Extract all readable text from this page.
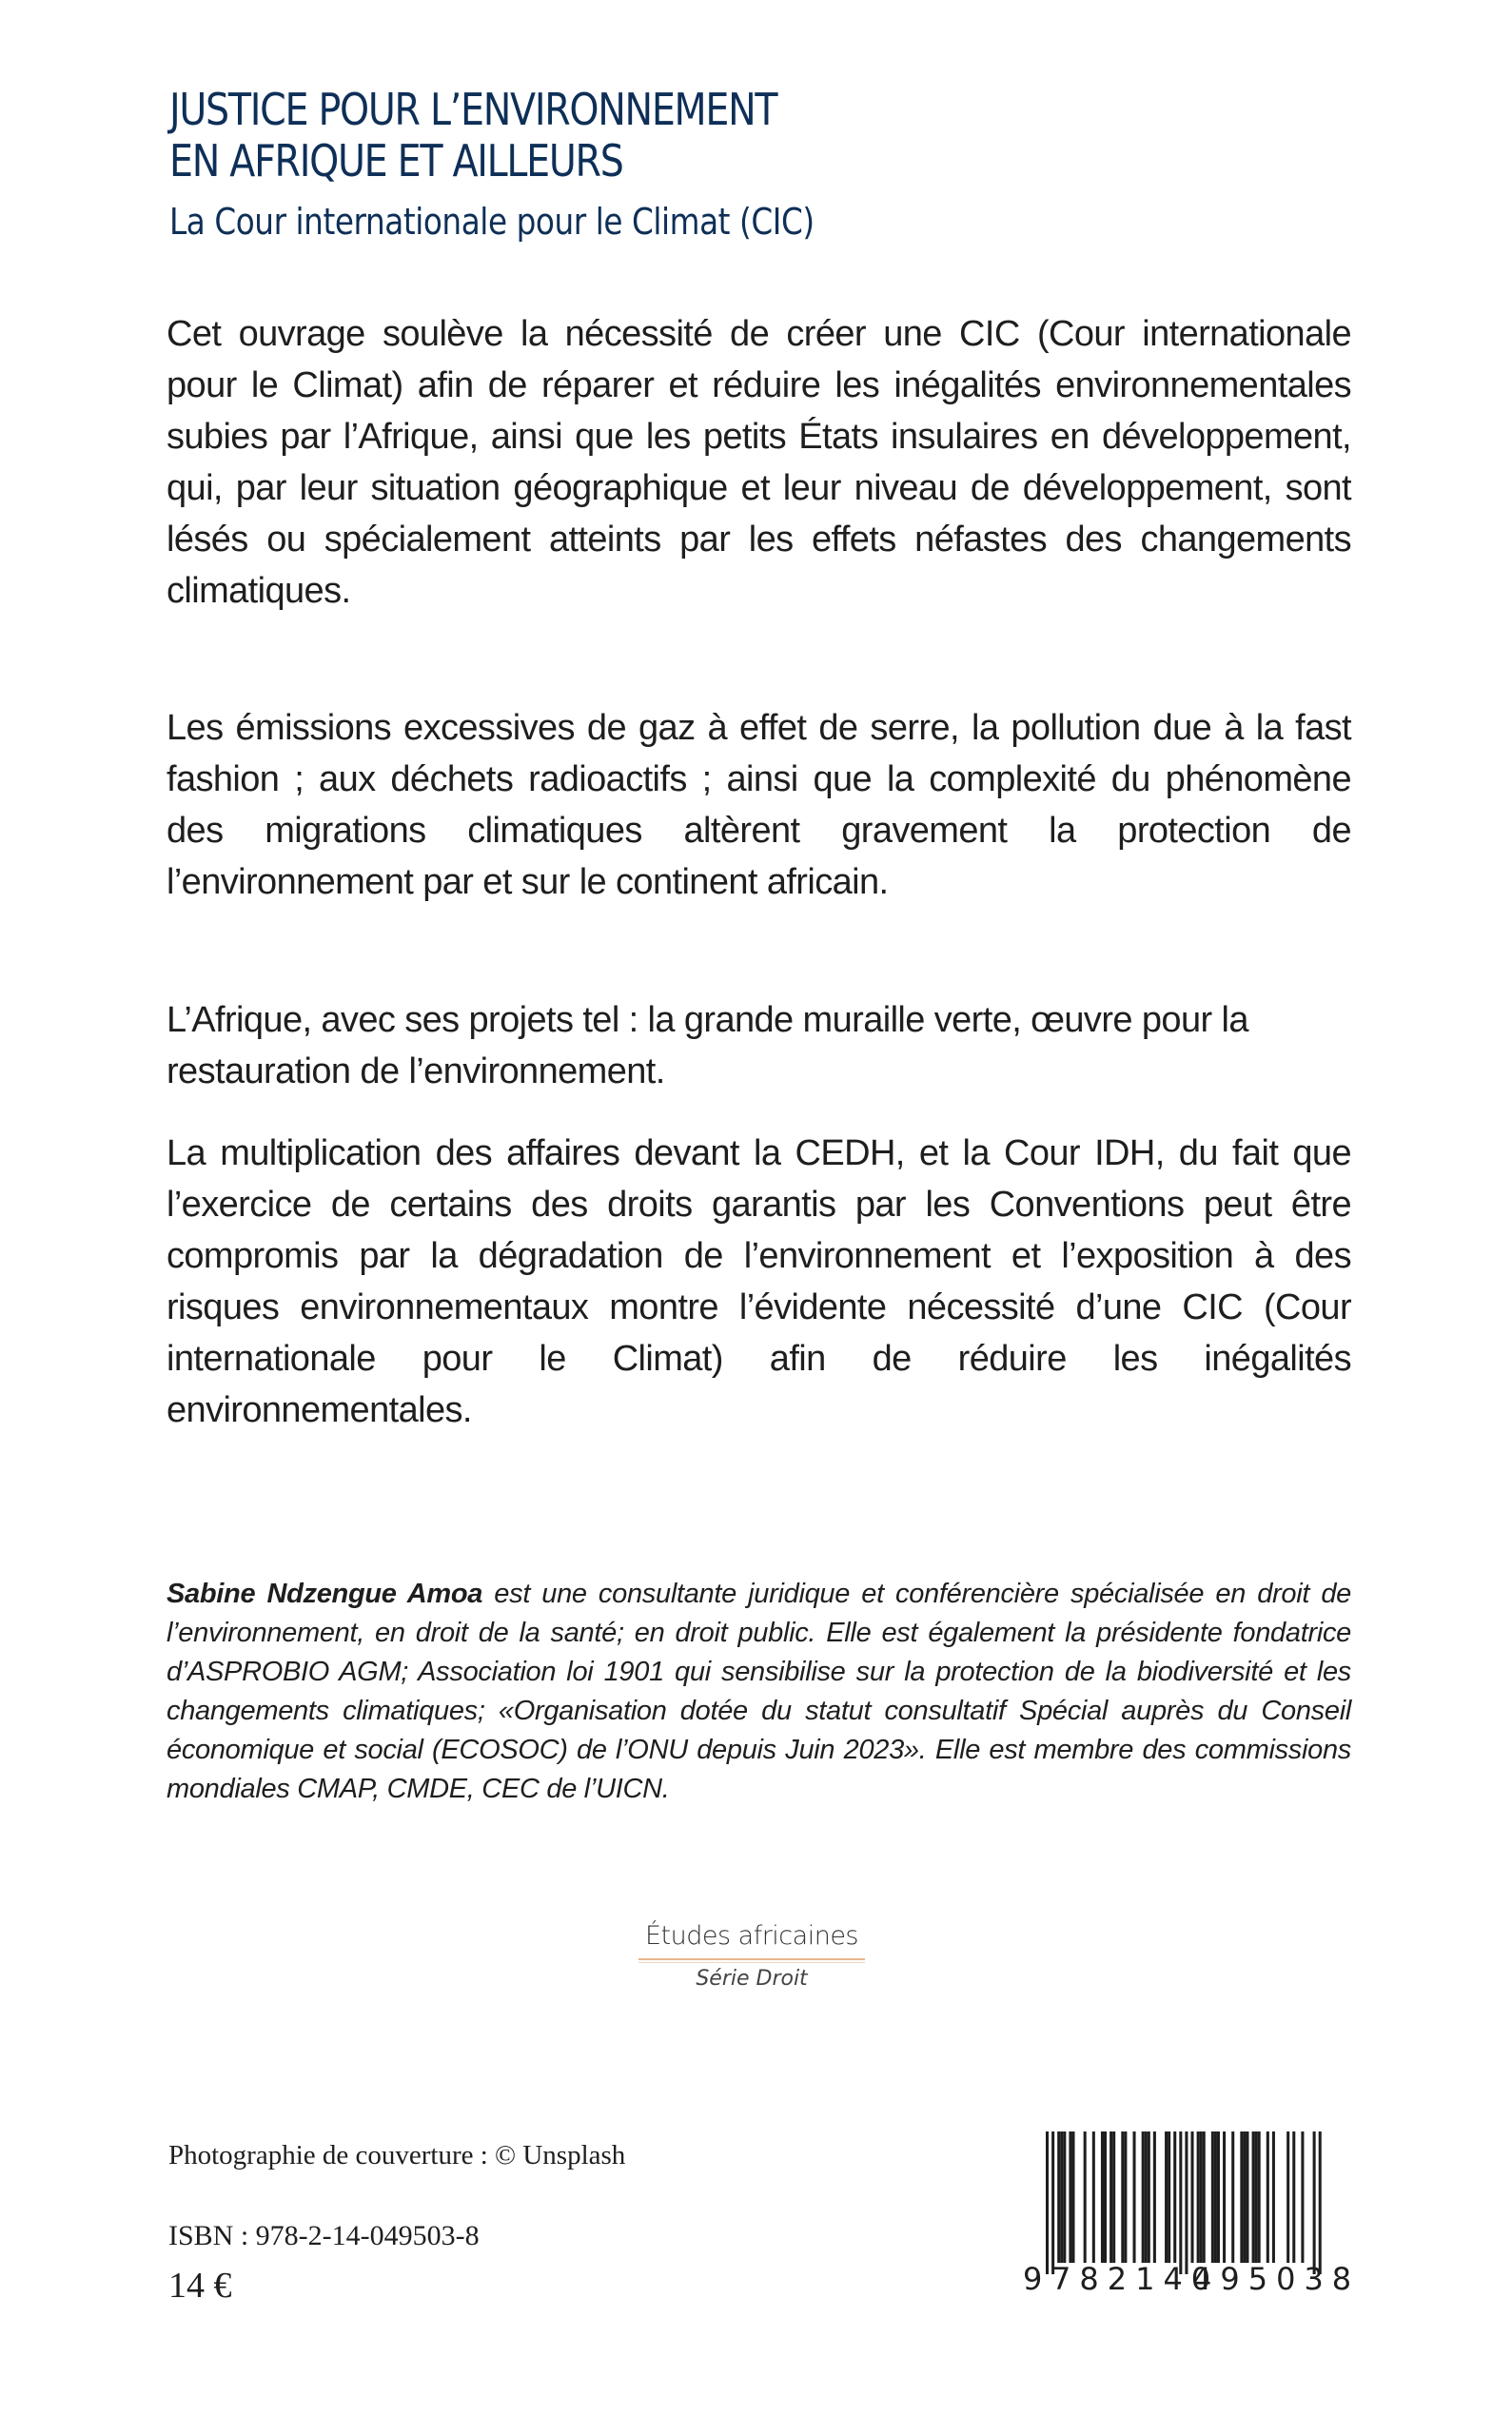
JUSTICE POUR L’ENVIRONNEMENT
EN AFRIQUE ET AILLEURS
La Cour internationale pour le Climat (CIC)

Cet ouvrage soulève la nécessité de créer une CIC (Cour internationale pour le Climat) afin de réparer et réduire les inégalités environnementales subies par l’Afrique, ainsi que les petits États insulaires en développement, qui, par leur situation géographique et leur niveau de développement, sont lésés ou spécialement atteints par les effets néfastes des changements climatiques.

Les émissions excessives de gaz à effet de serre, la pollution due à la fast fashion ; aux déchets radioactifs ; ainsi que la complexité du phénomène des migrations climatiques altèrent gravement la protection de l’environnement par et sur le continent africain.

L’Afrique, avec ses projets tel : la grande muraille verte, œuvre pour la restauration de l’environnement.

La multiplication des affaires devant la CEDH, et la Cour IDH, du fait que l’exercice de certains des droits garantis par les Conventions peut être compromis par la dégradation de l’environnement et l’exposition à des risques environnementaux montre l’évidente nécessité d’une CIC (Cour internationale pour le Climat) afin de réduire les inégalités environnementales.

Sabine Ndzengue Amoa est une consultante juridique et conférencière spécialisée en droit de l’environnement, en droit de la santé; en droit public. Elle est également la présidente fondatrice d’ASPROBIO AGM; Association loi 1901 qui sensibilise sur la protection de la biodiversité et les changements climatiques; «Organisation dotée du statut consultatif Spécial auprès du Conseil économique et social (ECOSOC) de l’ONU depuis Juin 2023». Elle est membre des commissions mondiales CMAP, CMDE, CEC de l’UICN.
Études africaines
Série Droit
Photographie de couverture : © Unsplash
ISBN : 978-2-14-049503-8
14 €	9 782140
495038
